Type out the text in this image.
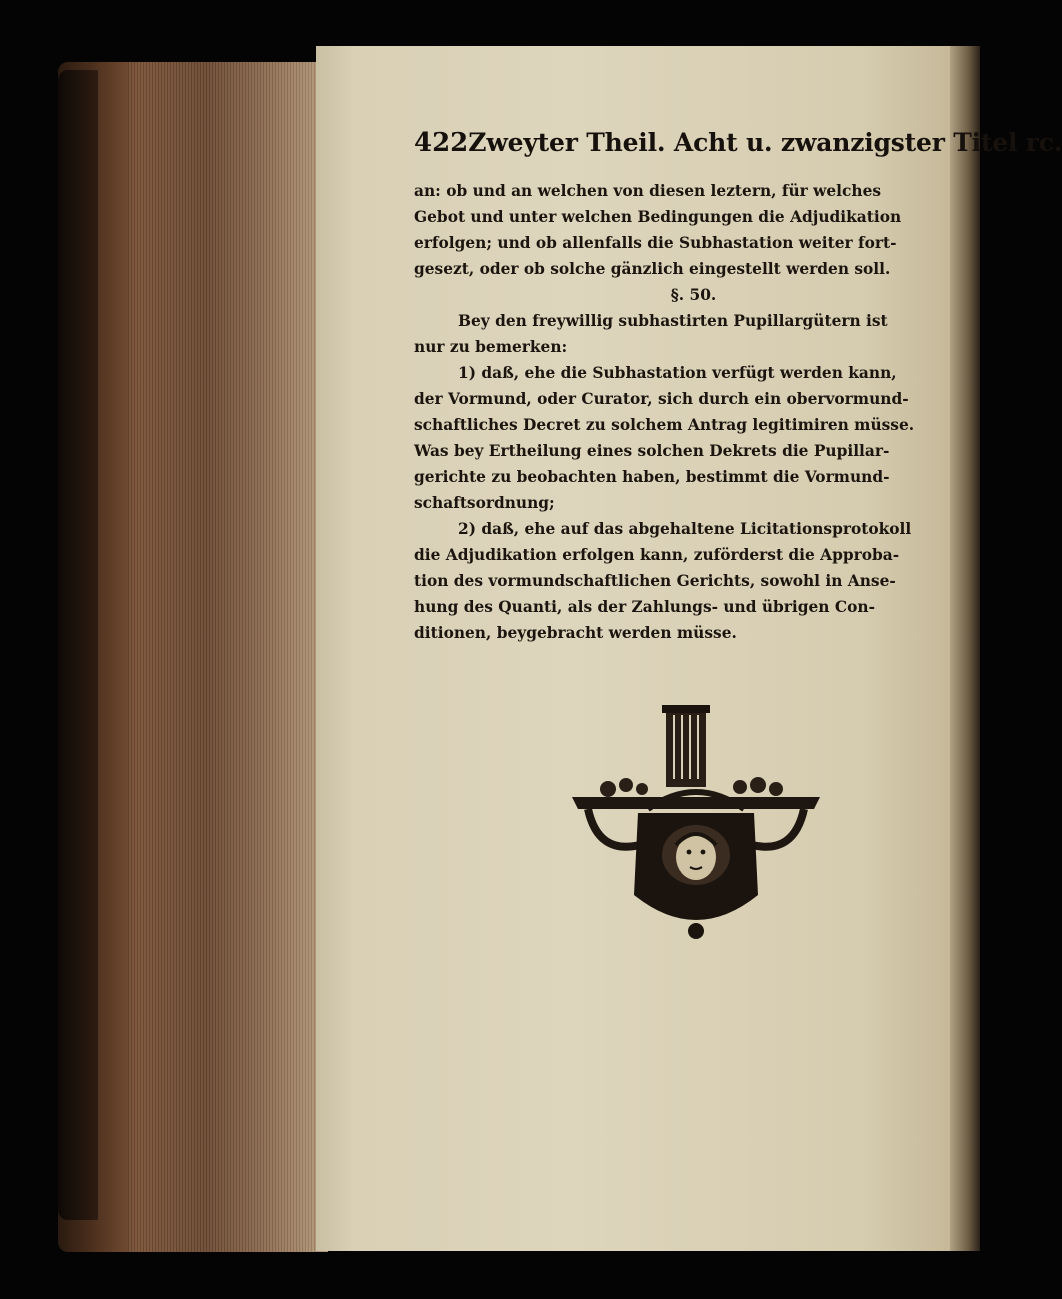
422 Zweyter Theil. Acht u. zwanzigster Titel rc.
an: ob und an welchen von diesen leztern, für welches
Gebot und unter welchen Bedingungen die Adjudikation
erfolgen; und ob allenfalls die Subhastation weiter fort-
gesezt, oder ob solche gänzlich eingestellt werden soll.
§. 50.
Bey den freywillig subhastirten Pupillargütern ist
nur zu bemerken:
1) daß, ehe die Subhastation verfügt werden kann,
der Vormund, oder Curator, sich durch ein obervormund-
schaftliches Decret zu solchem Antrag legitimiren müsse.
Was bey Ertheilung eines solchen Dekrets die Pupillar-
gerichte zu beobachten haben, bestimmt die Vormund-
schaftsordnung;
2) daß, ehe auf das abgehaltene Licitationsprotokoll
die Adjudikation erfolgen kann, zuförderst die Approba-
tion des vormundschaftlichen Gerichts, sowohl in Anse-
hung des Quanti, als der Zahlungs- und übrigen Con-
ditionen, beygebracht werden müsse.
